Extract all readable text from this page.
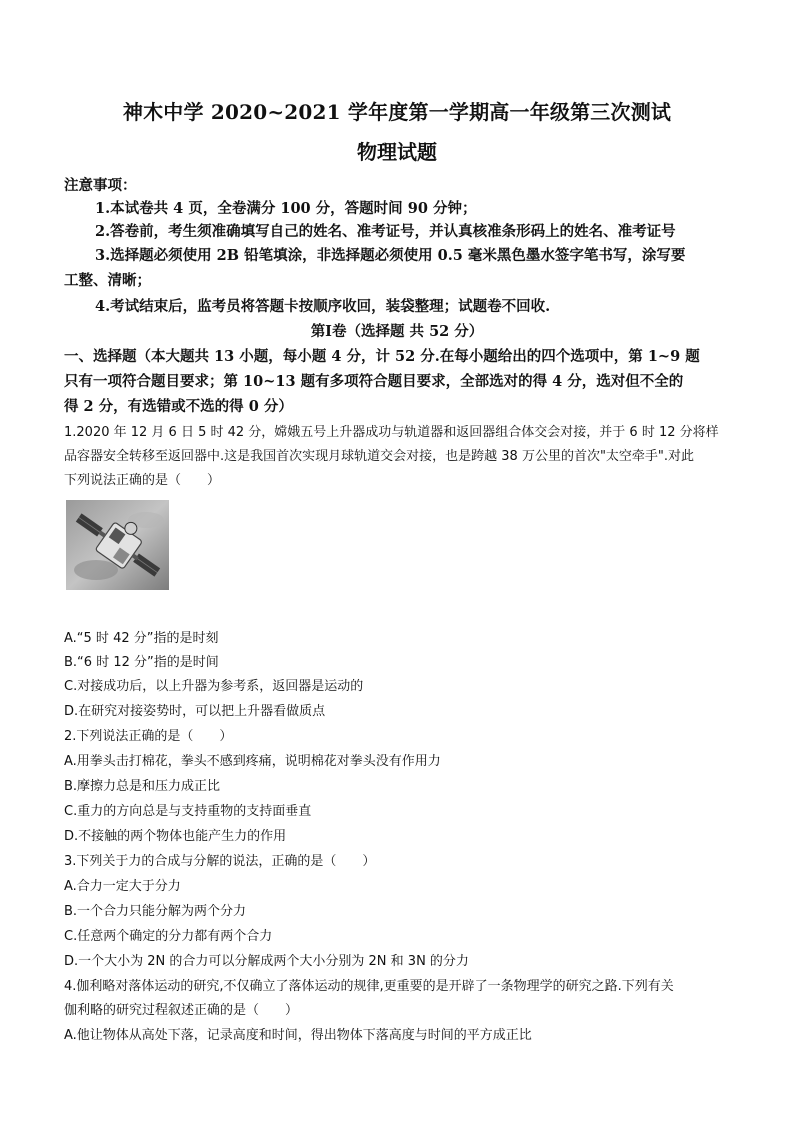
神木中学 2020~2021 学年度第一学期高一年级第三次测试
物理试题
注意事项：
1.本试卷共 4 页，全卷满分 100 分，答题时间 90 分钟；
2.答卷前，考生须准确填写自己的姓名、准考证号，并认真核准条形码上的姓名、准考证号
3.选择题必须使用 2B 铅笔填涂，非选择题必须使用 0.5 毫米黑色墨水签字笔书写，涂写要
工整、清晰；
4.考试结束后，监考员将答题卡按顺序收回，装袋整理；试题卷不回收.
第Ⅰ卷（选择题 共 52 分）
一、选择题（本大题共 13 小题，每小题 4 分，计 52 分.在每小题给出的四个选项中，第 1~9 题
只有一项符合题目要求；第 10~13 题有多项符合题目要求，全部选对的得 4 分，选对但不全的
得 2 分，有选错或不选的得 0 分）
1.2020 年 12 月 6 日 5 时 42 分，嫦娥五号上升器成功与轨道器和返回器组合体交会对接，并于 6 时 12 分将样
品容器安全转移至返回器中.这是我国首次实现月球轨道交会对接，也是跨越 38 万公里的首次"太空牵手".对此
下列说法正确的是（　　）
A.“5 时 42 分”指的是时刻
B.“6 时 12 分”指的是时间
C.对接成功后，以上升器为参考系，返回器是运动的
D.在研究对接姿势时，可以把上升器看做质点
2.下列说法正确的是（　　）
A.用拳头击打棉花，拳头不感到疼痛，说明棉花对拳头没有作用力
B.摩擦力总是和压力成正比
C.重力的方向总是与支持重物的支持面垂直
D.不接触的两个物体也能产生力的作用
3.下列关于力的合成与分解的说法，正确的是（　　）
A.合力一定大于分力
B.一个合力只能分解为两个分力
C.任意两个确定的分力都有两个合力
D.一个大小为 2N 的合力可以分解成两个大小分别为 2N 和 3N 的分力
4.伽利略对落体运动的研究,不仅确立了落体运动的规律,更重要的是开辟了一条物理学的研究之路.下列有关
伽利略的研究过程叙述正确的是（　　）
A.他让物体从高处下落，记录高度和时间，得出物体下落高度与时间的平方成正比
